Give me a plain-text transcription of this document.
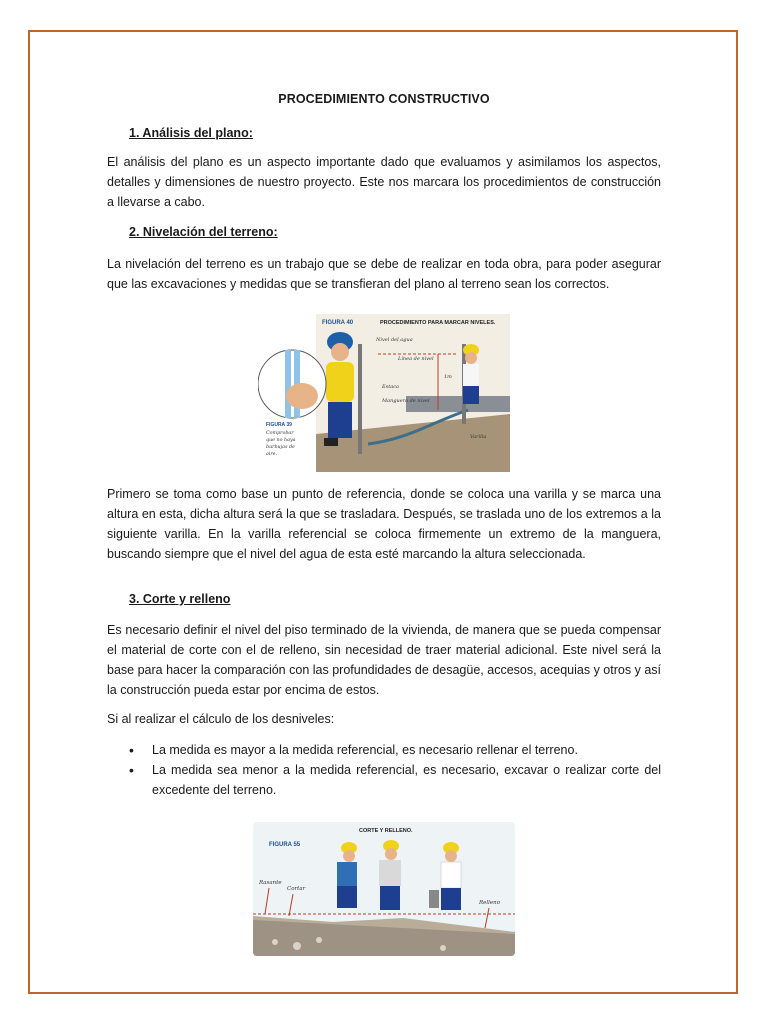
PROCEDIMIENTO CONSTRUCTIVO
1. Análisis del plano:

El análisis del plano es un aspecto importante dado que evaluamos y asimilamos los aspectos, detalles y dimensiones de nuestro proyecto. Este nos marcara los procedimientos de construcción a llevarse a cabo.

2. Nivelación del terreno:

La nivelación del terreno es un trabajo que se debe de realizar en toda obra, para poder asegurar que las excavaciones y medidas que se transfieran del plano al terreno sean los correctos.

FIGURA 40	PROCEDIMIENTO PARA MARCAR NIVELES.
Nivel del agua
Línea de nivel
1m
Estaca
Manguera de nivel
Varilla
FIGURA 39
Comprobar
que no haya
burbujas de
aire.

Primero se toma como base un punto de referencia, donde se coloca una varilla y se marca una altura en esta, dicha altura será la que se trasladara. Después, se traslada uno de los extremos a la siguiente varilla. En la varilla referencial se coloca firmemente un extremo de la manguera, buscando siempre que el nivel del agua de esta esté marcando la altura seleccionada.

3. Corte y relleno

Es necesario definir el nivel del piso terminado de la vivienda, de manera que se pueda compensar el material de corte con el de relleno, sin necesidad de traer material adicional. Este nivel será la base para hacer la comparación con las profundidades de desagüe, accesos, acequias y otros y así la construcción pueda estar por encima de estos.

Si al realizar el cálculo de los desniveles:

• La medida es mayor a la medida referencial, es necesario rellenar el terreno.
• La medida sea menor a la medida referencial, es necesario, excavar o realizar corte del excedente del terreno.
FIGURA 55
CORTE Y RELLENO.
Rasante
Cortar
Relleno
